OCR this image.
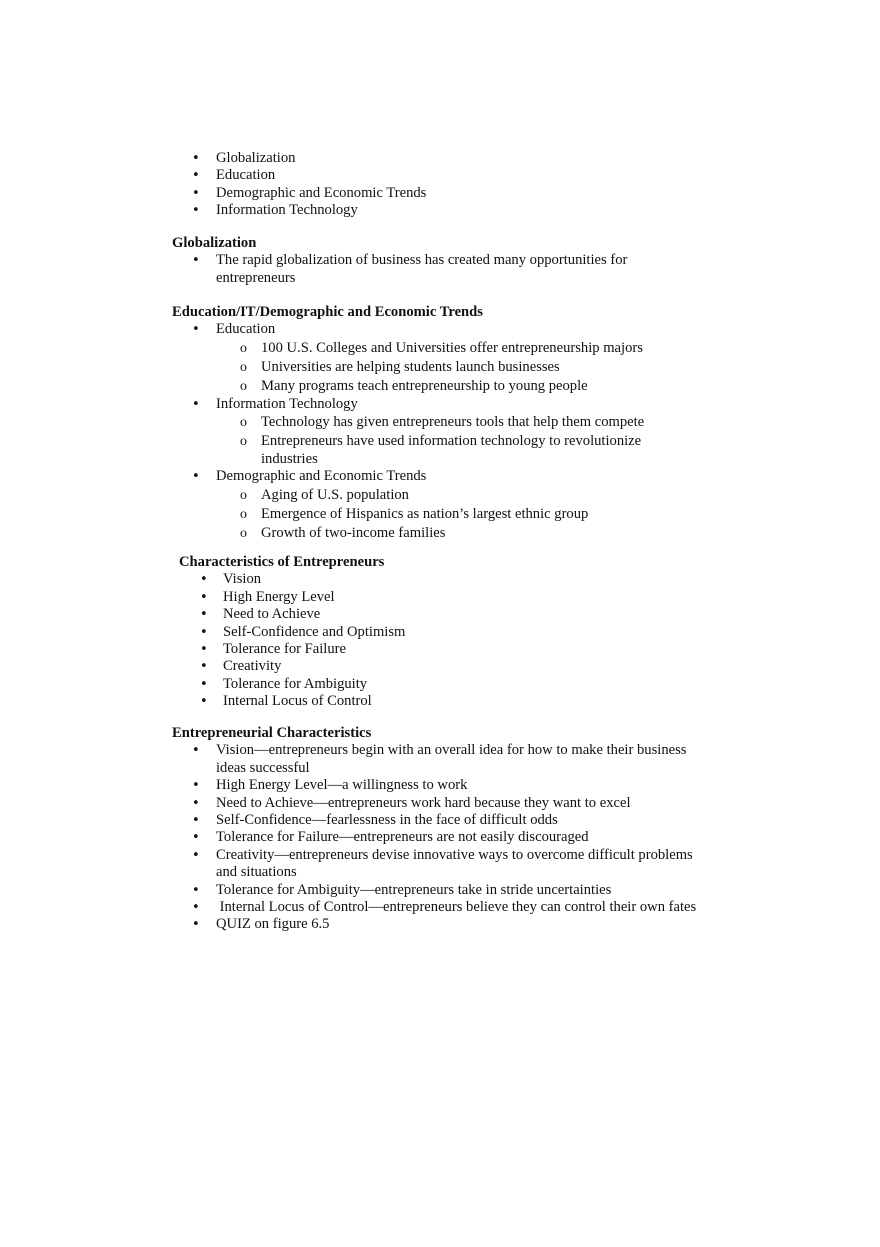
• Globalization
• Education
• Demographic and Economic Trends
• Information Technology

Globalization

• The rapid globalization of business has created many opportunities for entrepreneurs

Education/IT/Demographic and Economic Trends

• Education
o 100 U.S. Colleges and Universities offer entrepreneurship majors
o Universities are helping students launch businesses
o Many programs teach entrepreneurship to young people
• Information Technology
o Technology has given entrepreneurs tools that help them compete
o Entrepreneurs have used information technology to revolutionize industries
• Demographic and Economic Trends
o Aging of U.S. population
o Emergence of Hispanics as nation’s largest ethnic group
o Growth of two-income families

Characteristics of Entrepreneurs

• Vision
• High Energy Level
• Need to Achieve
• Self-Confidence and Optimism
• Tolerance for Failure
• Creativity
• Tolerance for Ambiguity
• Internal Locus of Control

Entrepreneurial Characteristics

• Vision—entrepreneurs begin with an overall idea for how to make their business ideas successful
• High Energy Level—a willingness to work
• Need to Achieve—entrepreneurs work hard because they want to excel
• Self-Confidence—fearlessness in the face of difficult odds
• Tolerance for Failure—entrepreneurs are not easily discouraged
• Creativity—entrepreneurs devise innovative ways to overcome difficult problems and situations
• Tolerance for Ambiguity—entrepreneurs take in stride uncertainties
•  Internal Locus of Control—entrepreneurs believe they can control their own fates
• QUIZ on figure 6.5
